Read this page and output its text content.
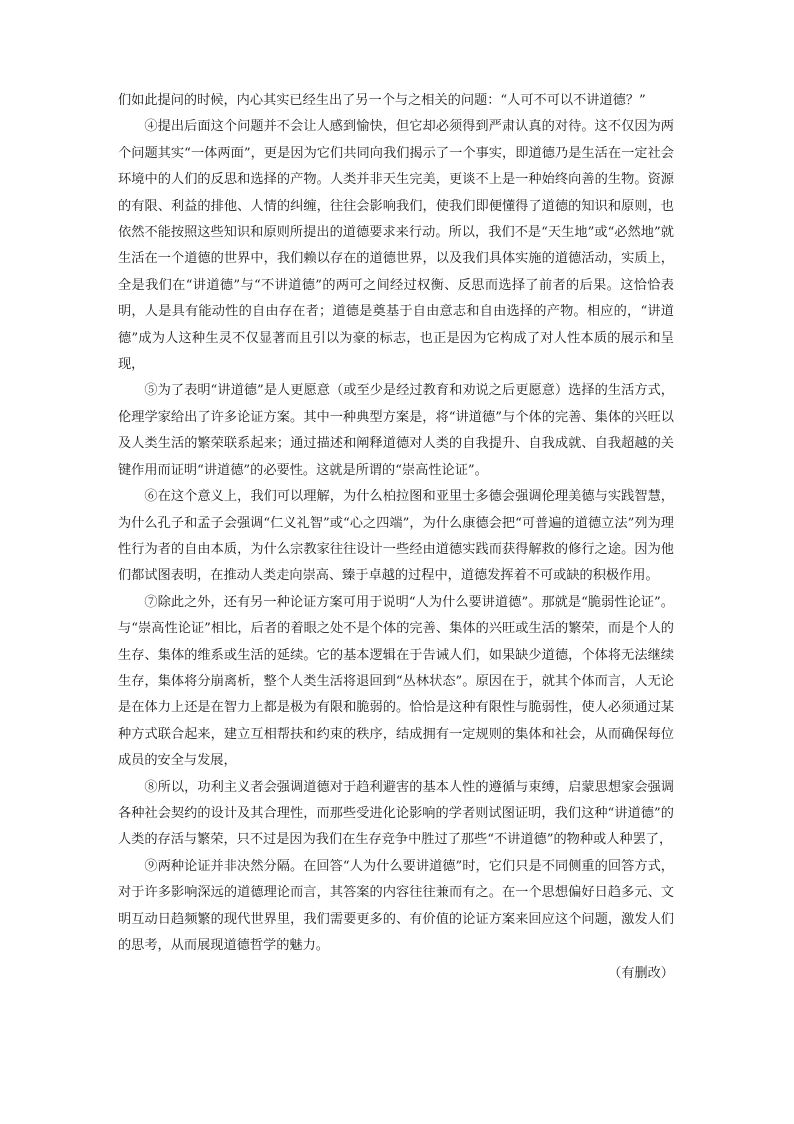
们如此提问的时候，内心其实已经生出了另一个与之相关的问题：“人可不可以不讲道德？”

④提出后面这个问题并不会让人感到愉快，但它却必须得到严肃认真的对待。这不仅因为两个问题其实“一体两面”，更是因为它们共同向我们揭示了一个事实，即道德乃是生活在一定社会环境中的人们的反思和选择的产物。人类并非天生完美，更谈不上是一种始终向善的生物。资源的有限、利益的排他、人情的纠缠，往往会影响我们，使我们即便懂得了道德的知识和原则，也依然不能按照这些知识和原则所提出的道德要求来行动。所以，我们不是“天生地”或“必然地”就生活在一个道德的世界中，我们赖以存在的道德世界，以及我们具体实施的道德活动，实质上，全是我们在“讲道德”与“不讲道德”的两可之间经过权衡、反思而选择了前者的后果。这恰恰表明，人是具有能动性的自由存在者；道德是奠基于自由意志和自由选择的产物。相应的，“讲道德”成为人这种生灵不仅显著而且引以为豪的标志，也正是因为它构成了对人性本质的展示和呈现，

⑤为了表明“讲道德”是人更愿意（或至少是经过教育和劝说之后更愿意）选择的生活方式，伦理学家给出了许多论证方案。其中一种典型方案是，将“讲道德”与个体的完善、集体的兴旺以及人类生活的繁荣联系起来；通过描述和阐释道德对人类的自我提升、自我成就、自我超越的关键作用而证明“讲道德”的必要性。这就是所谓的“崇高性论证”。

⑥在这个意义上，我们可以理解，为什么柏拉图和亚里士多德会强调伦理美德与实践智慧，为什么孔子和孟子会强调“仁义礼智”或“心之四端”，为什么康德会把“可普遍的道德立法”列为理性行为者的自由本质，为什么宗教家往往设计一些经由道德实践而获得解救的修行之途。因为他们都试图表明，在推动人类走向崇高、臻于卓越的过程中，道德发挥着不可或缺的积极作用。

⑦除此之外，还有另一种论证方案可用于说明“人为什么要讲道德”。那就是“脆弱性论证”。与“崇高性论证”相比，后者的着眼之处不是个体的完善、集体的兴旺或生活的繁荣，而是个人的生存、集体的维系或生活的延续。它的基本逻辑在于告诫人们，如果缺少道德，个体将无法继续生存，集体将分崩离析，整个人类生活将退回到“丛林状态”。原因在于，就其个体而言，人无论是在体力上还是在智力上都是极为有限和脆弱的。恰恰是这种有限性与脆弱性，使人必须通过某种方式联合起来，建立互相帮扶和约束的秩序，结成拥有一定规则的集体和社会，从而确保每位成员的安全与发展，

⑧所以，功利主义者会强调道德对于趋利避害的基本人性的遵循与束缚，启蒙思想家会强调各种社会契约的设计及其合理性，而那些受进化论影响的学者则试图证明，我们这种“讲道德”的人类的存活与繁荣，只不过是因为我们在生存竞争中胜过了那些“不讲道德”的物种或人种罢了，

⑨两种论证并非决然分隔。在回答“人为什么要讲道德”时，它们只是不同侧重的回答方式，对于许多影响深远的道德理论而言，其答案的内容往往兼而有之。在一个思想偏好日趋多元、文明互动日趋频繁的现代世界里，我们需要更多的、有价值的论证方案来回应这个问题，激发人们的思考，从而展现道德哲学的魅力。

（有删改）
